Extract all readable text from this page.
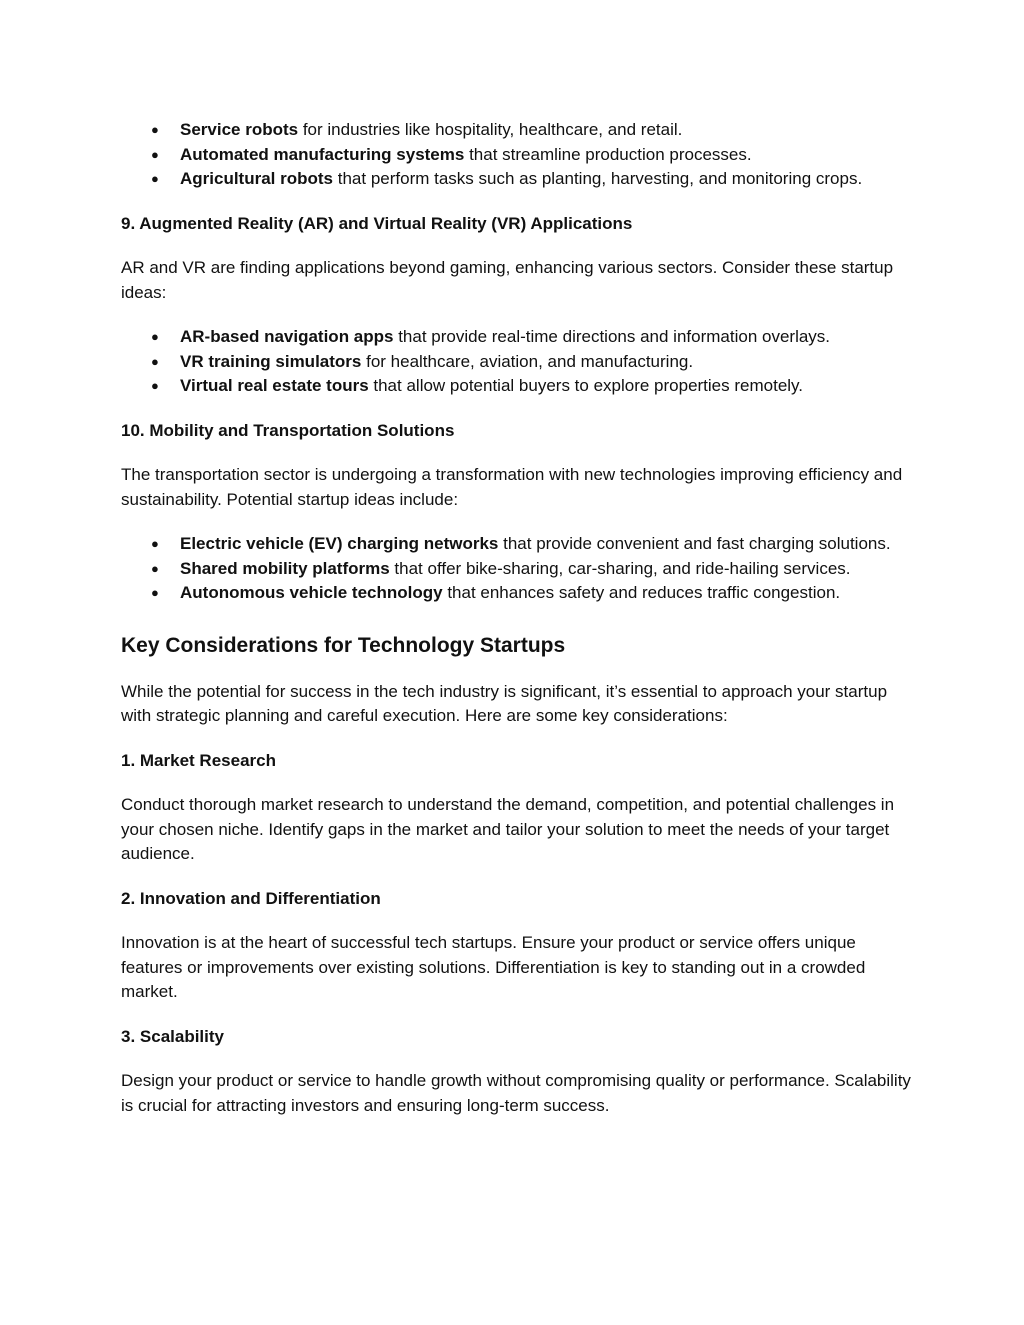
● Service robots for industries like hospitality, healthcare, and retail.
● Automated manufacturing systems that streamline production processes.
● Agricultural robots that perform tasks such as planting, harvesting, and monitoring crops.
9. Augmented Reality (AR) and Virtual Reality (VR) Applications

AR and VR are finding applications beyond gaming, enhancing various sectors. Consider these startup ideas:

● AR-based navigation apps that provide real-time directions and information overlays.
● VR training simulators for healthcare, aviation, and manufacturing.
● Virtual real estate tours that allow potential buyers to explore properties remotely.
10. Mobility and Transportation Solutions

The transportation sector is undergoing a transformation with new technologies improving efficiency and sustainability. Potential startup ideas include:

● Electric vehicle (EV) charging networks that provide convenient and fast charging solutions.
● Shared mobility platforms that offer bike-sharing, car-sharing, and ride-hailing services.
● Autonomous vehicle technology that enhances safety and reduces traffic congestion.
Key Considerations for Technology Startups

While the potential for success in the tech industry is significant, it’s essential to approach your startup with strategic planning and careful execution. Here are some key considerations:

1. Market Research

Conduct thorough market research to understand the demand, competition, and potential challenges in your chosen niche. Identify gaps in the market and tailor your solution to meet the needs of your target audience.

2. Innovation and Differentiation

Innovation is at the heart of successful tech startups. Ensure your product or service offers unique features or improvements over existing solutions. Differentiation is key to standing out in a crowded market.

3. Scalability

Design your product or service to handle growth without compromising quality or performance. Scalability is crucial for attracting investors and ensuring long-term success.
